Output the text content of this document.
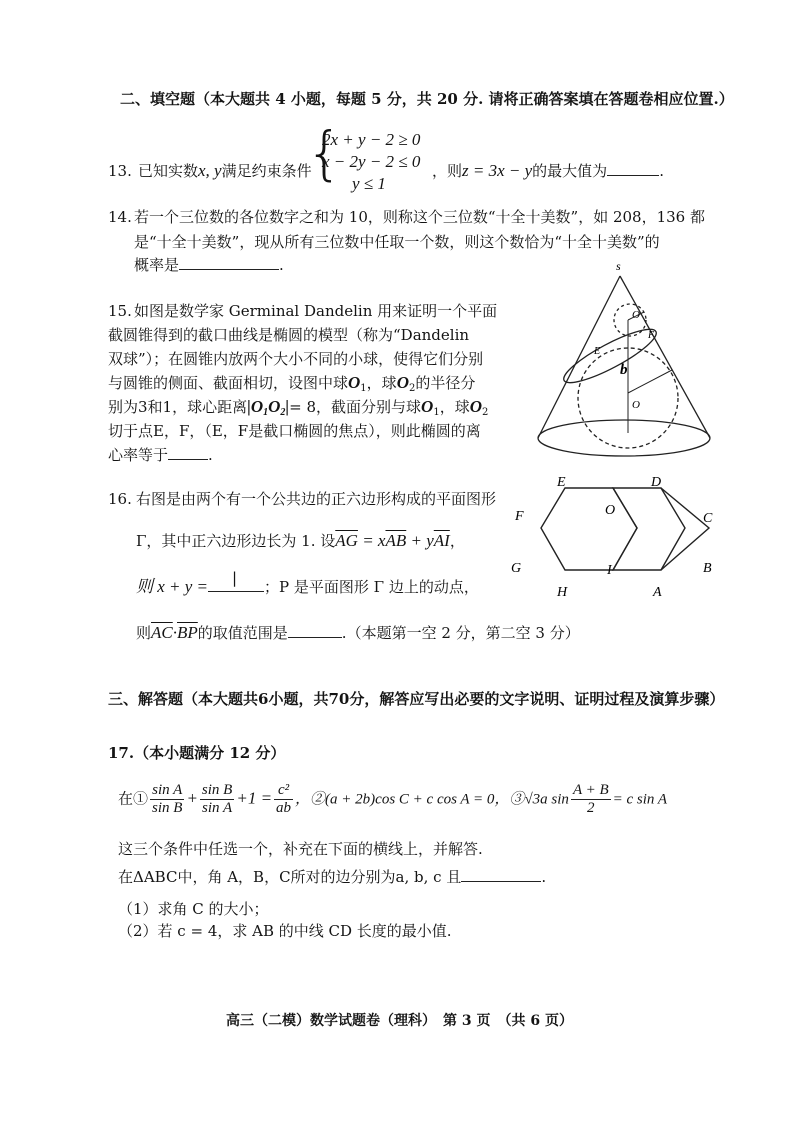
二、填空题（本大题共 4 小题，每题 5 分，共 20 分. 请将正确答案填在答题卷相应位置.）
13. 已知实数x, y满足约束条件
{
2x + y − 2 ≥ 0
x − 2y − 2 ≤ 0
y ≤ 1
，则z = 3x − y的最大值为	.
14. 若一个三位数的各位数字之和为 10，则称这个三位数“十全十美数”，如 208，136 都
是“十全十美数”，现从所有三位数中任取一个数，则这个数恰为“十全十美数”的
概率是	.
15. 如图是数学家 Germinal Dandelin 用来证明一个平面
截圆锥得到的截口曲线是椭圆的模型（称为“Dandelin
双球”）；在圆锥内放两个大小不同的小球，使得它们分别
与圆锥的侧面、截面相切，设图中球$O_1$，球$O_2$的半径分
别为3和1，球心距离$|O_1O_2|= 8$，截面分别与球$O_1$，球$O_2$
切于点E，F，（E，F是截口椭圆的焦点），则此椭圆的离
心率等于	.
s
O
O
E
F
b
16. 右图是由两个有一个公共边的正六边形构成的平面图形
Γ，其中正六边形边长为 1. 设$\overline{AG} = x\overline{AB} + y\overline{AI}$，
则 x + y = | ；P 是平面图形 Γ 边上的动点，
则$\overline{AC}\cdot\overline{BP}$的取值范围是	.（本题第一空 2 分，第二空 3 分）
E	D
F	O
C
G	I	B
H	A
三、解答题（本大题共6小题，共70分，解答应写出必要的文字说明、证明过程及演算步骤）
17.（本小题满分 12 分）
在① $\frac{\text{sin A}}{\text{sin B}} + \frac{\text{sin B}}{\text{sin A}} +1 = \frac{\text{c²}}{ab}$ ，②(a + 2b)cos C + c cos A = 0，③√3a $\sin \frac{A + B}{2} = c$ sin A
这三个条件中任选一个，补充在下面的横线上，并解答.
在ΔABC中，角 A，B，C所对的边分别为a, b, c 且	.
（1）求角 C 的大小；
（2）若 c = 4，求 AB 的中线 CD 长度的最小值.
高三（二模）数学试题卷（理科）　第 3 页　（共 6 页）
